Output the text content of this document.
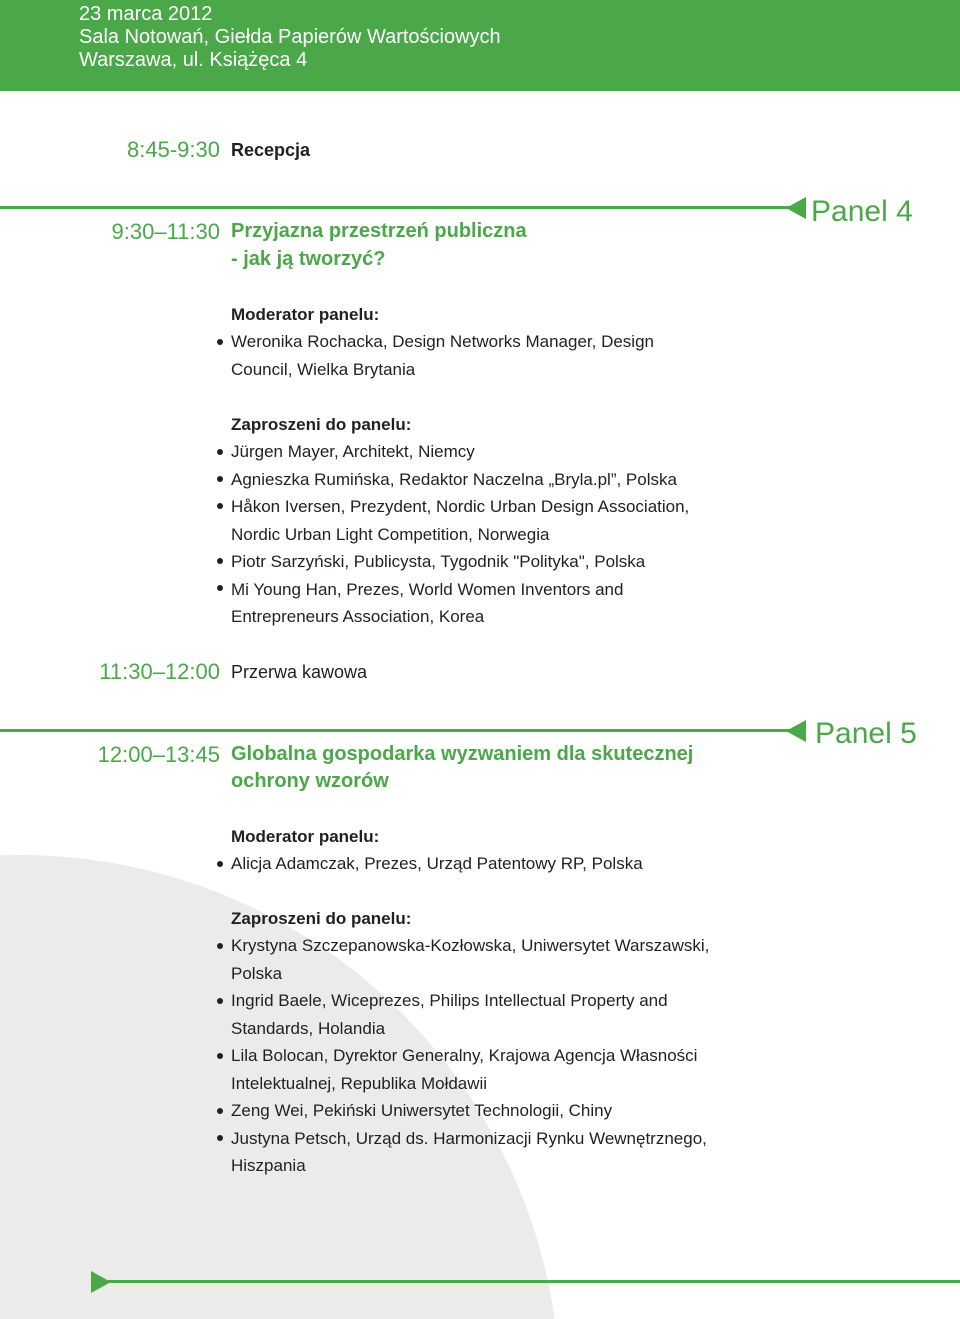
23 marca 2012
Sala Notowań, Giełda Papierów Wartościowych
Warszawa, ul. Książęca 4
8:45-9:30 Recepcja
Panel 4
9:30–11:30 Przyjazna przestrzeń publiczna
- jak ją tworzyć?
Moderator panelu:
Weronika Rochacka, Design Networks Manager, Design
Council, Wielka Brytania
Zaproszeni do panelu:
Jürgen Mayer, Architekt, Niemcy
Agnieszka Rumińska, Redaktor Naczelna „Bryla.pl”, Polska
Håkon Iversen, Prezydent, Nordic Urban Design Association,
Nordic Urban Light Competition, Norwegia
Piotr Sarzyński, Publicysta, Tygodnik "Polityka", Polska
Mi Young Han, Prezes, World Women Inventors and
Entrepreneurs Association, Korea
11:30–12:00 Przerwa kawowa
Panel 5
12:00–13:45 Globalna gospodarka wyzwaniem dla skutecznej
ochrony wzorów
Moderator panelu:
Alicja Adamczak, Prezes, Urząd Patentowy RP, Polska
Zaproszeni do panelu:
Krystyna Szczepanowska-Kozłowska, Uniwersytet Warszawski,
Polska
Ingrid Baele, Wiceprezes, Philips Intellectual Property and
Standards, Holandia
Lila Bolocan, Dyrektor Generalny, Krajowa Agencja Własności
Intelektualnej, Republika Mołdawii
Zeng Wei, Pekiński Uniwersytet Technologii, Chiny
Justyna Petsch, Urząd ds. Harmonizacji Rynku Wewnętrznego,
Hiszpania
